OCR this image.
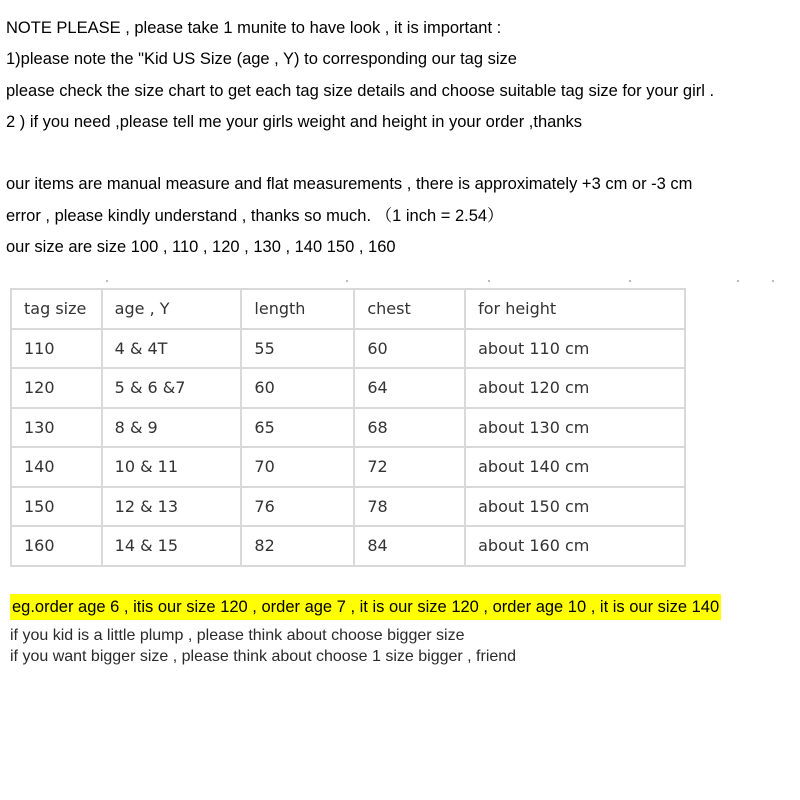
NOTE PLEASE , please take 1 munite to have look , it is important :
1)please note the "Kid US Size (age , Y) to corresponding our tag size
please check the size chart to get each tag size details and choose suitable tag size for your girl .
2 ) if you need ,please tell me your girls weight and height in your order ,thanks
our items are manual measure and flat measurements , there is approximately +3 cm or -3 cm
error , please kindly understand , thanks so much. （1 inch = 2.54）
our size are size 100 , 110 , 120 , 130 , 140 150 , 160
tag size	age , Y	length	chest	for height
110	4 & 4T	55	60	about 110 cm
120	5 & 6 &7	60	64	about 120 cm
130	8 & 9	65	68	about 130 cm
140	10 & 11	70	72	about 140 cm
150	12 & 13	76	78	about 150 cm
160	14 & 15	82	84	about 160 cm
eg.order age 6 , itis our size 120 , order age 7 , it is our size 120 , order age 10 , it is our size 140
if you kid is a little plump , please think about choose bigger size
if you want bigger size , please think about choose 1 size bigger , friend
